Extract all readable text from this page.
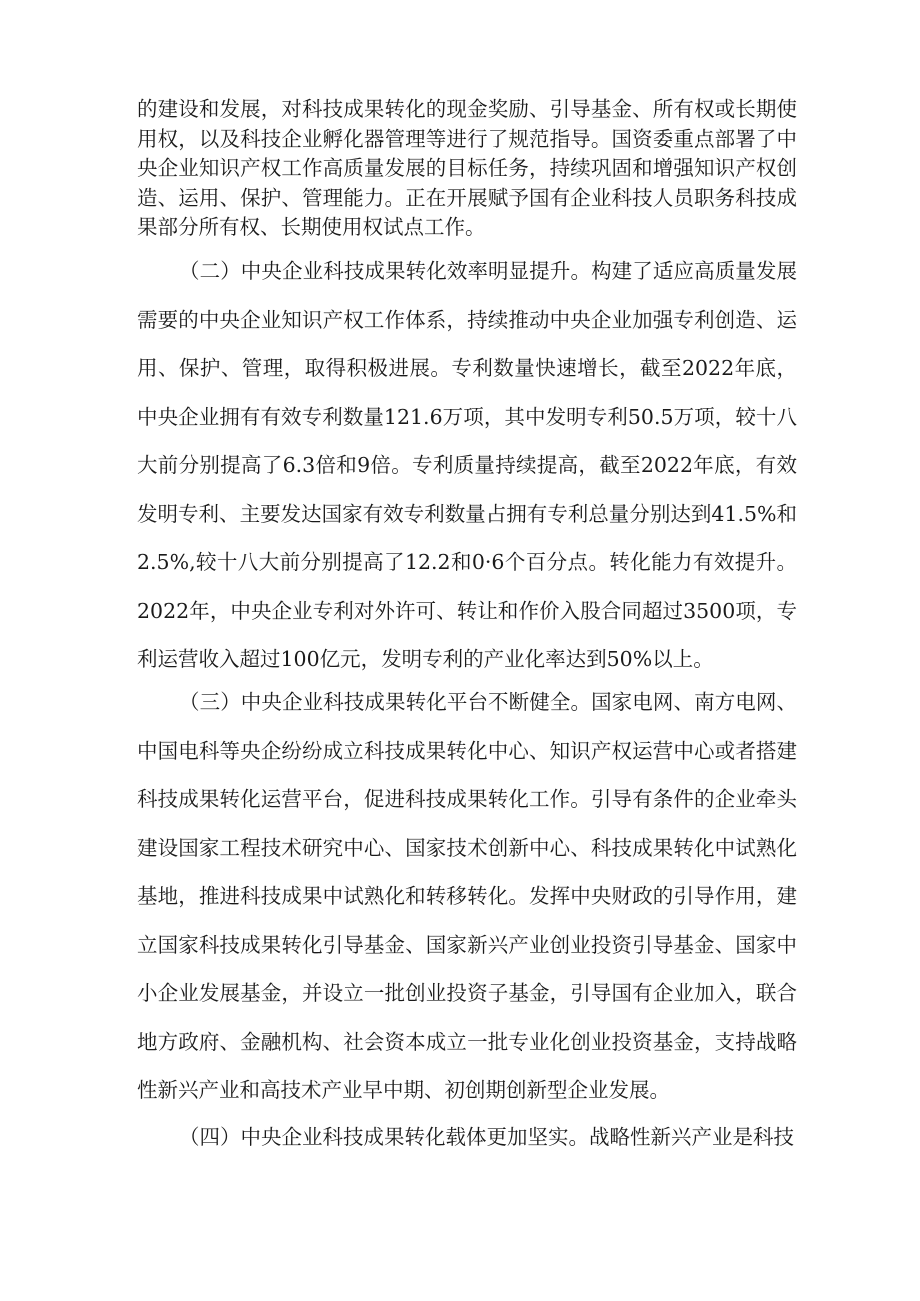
的建设和发展，对科技成果转化的现金奖励、引导基金、所有权或长期使用权，以及科技企业孵化器管理等进行了规范指导。国资委重点部署了中央企业知识产权工作高质量发展的目标任务，持续巩固和增强知识产权创造、运用、保护、管理能力。正在开展赋予国有企业科技人员职务科技成果部分所有权、长期使用权试点工作。

（二）中央企业科技成果转化效率明显提升。构建了适应高质量发展需要的中央企业知识产权工作体系，持续推动中央企业加强专利创造、运用、保护、管理，取得积极进展。专利数量快速增长，截至2022年底，中央企业拥有有效专利数量121.6万项，其中发明专利50.5万项，较十八大前分别提高了6.3倍和9倍。专利质量持续提高，截至2022年底，有效发明专利、主要发达国家有效专利数量占拥有专利总量分别达到41.5%和2.5%,较十八大前分别提高了12.2和0·6个百分点。转化能力有效提升。2022年，中央企业专利对外许可、转让和作价入股合同超过3500项，专利运营收入超过100亿元，发明专利的产业化率达到50%以上。

（三）中央企业科技成果转化平台不断健全。国家电网、南方电网、中国电科等央企纷纷成立科技成果转化中心、知识产权运营中心或者搭建科技成果转化运营平台，促进科技成果转化工作。引导有条件的企业牵头建设国家工程技术研究中心、国家技术创新中心、科技成果转化中试熟化基地，推进科技成果中试熟化和转移转化。发挥中央财政的引导作用，建立国家科技成果转化引导基金、国家新兴产业创业投资引导基金、国家中小企业发展基金，并设立一批创业投资子基金，引导国有企业加入，联合地方政府、金融机构、社会资本成立一批专业化创业投资基金，支持战略性新兴产业和高技术产业早中期、初创期创新型企业发展。

（四）中央企业科技成果转化载体更加坚实。战略性新兴产业是科技
